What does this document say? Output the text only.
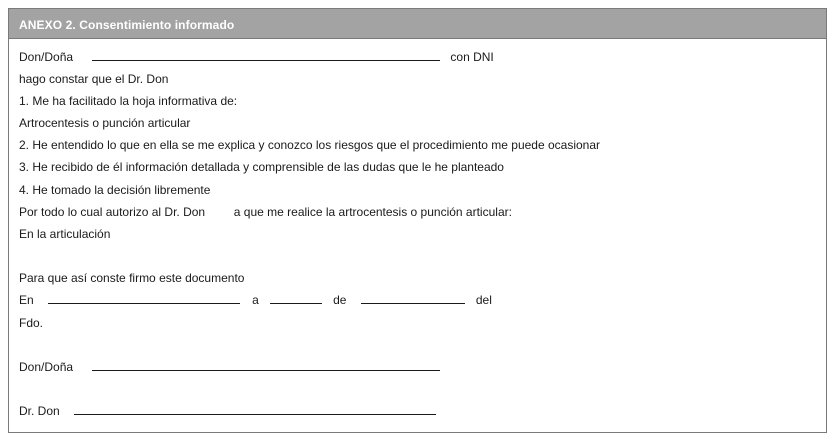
ANEXO 2. Consentimiento informado
Don/Doña	con DNI
hago constar que el Dr. Don
1. Me ha facilitado la hoja informativa de:
Artrocentesis o punción articular
2. He entendido lo que en ella se me explica y conozco los riesgos que el procedimiento me puede ocasionar
3. He recibido de él información detallada y comprensible de las dudas que le he planteado
4. He tomado la decisión libremente
Por todo lo cual autorizo al Dr. Don a que me realice la artrocentesis o punción articular:
En la articulación
Para que así conste firmo este documento
En	a	de	del
Fdo.
Don/Doña
Dr. Don
